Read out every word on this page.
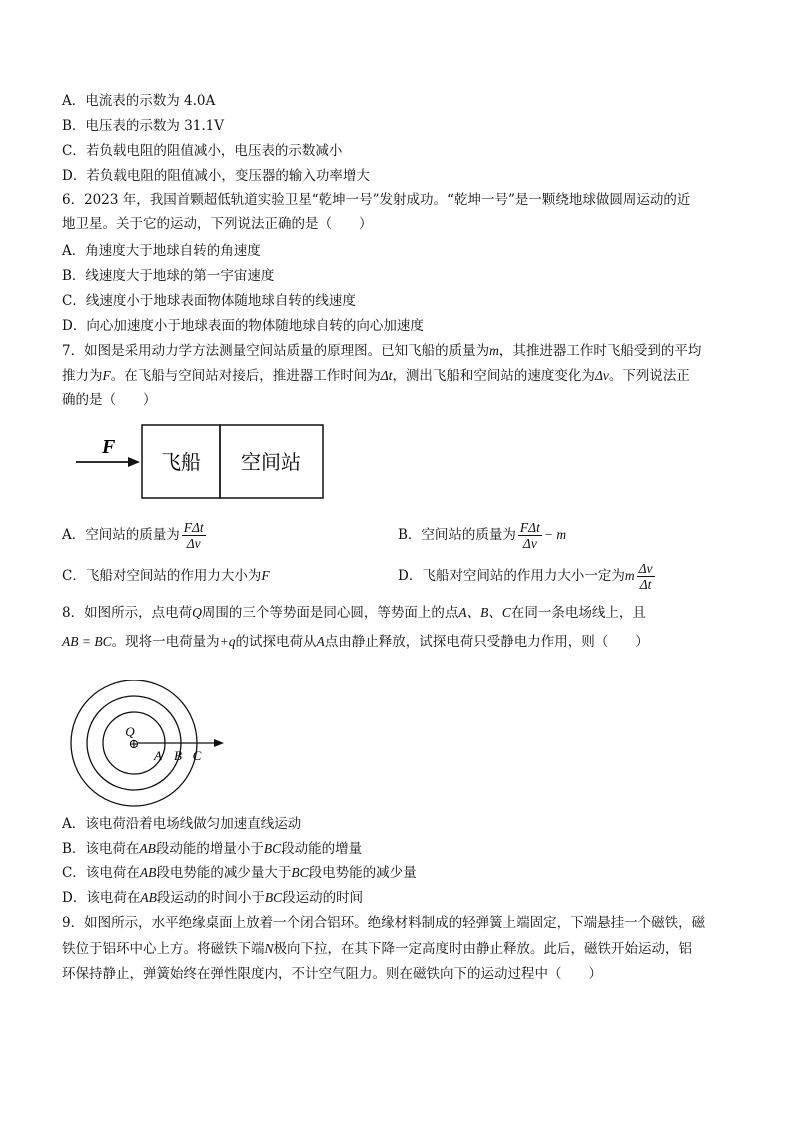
A．电流表的示数为 4.0A
B．电压表的示数为 31.1V
C．若负载电阻的阻值减小，电压表的示数减小
D．若负载电阻的阻值减小，变压器的输入功率增大
6．2023 年，我国首颗超低轨道实验卫星“乾坤一号”发射成功。“乾坤一号”是一颗绕地球做圆周运动的近
地卫星。关于它的运动，下列说法正确的是（　　）
A．角速度大于地球自转的角速度
B．线速度大于地球的第一宇宙速度
C．线速度小于地球表面物体随地球自转的线速度
D．向心加速度小于地球表面的物体随地球自转的向心加速度
7．如图是采用动力学方法测量空间站质量的原理图。已知飞船的质量为m，其推进器工作时飞船受到的平均
推力为F。在飞船与空间站对接后，推进器工作时间为Δt，测出飞船和空间站的速度变化为Δv。下列说法正
确的是（　　）
F
飞船 空间站
A．空间站的质量为 $\frac{\text{FΔt}}{\Delta v}$	B．空间站的质量为 $\frac{\text{FΔt}}{\Delta v} - m$
C．飞船对空间站的作用力大小为F	D．飞船对空间站的作用力大小一定为m $\frac{\Delta v}{\Delta t}$
8．如图所示，点电荷Q周围的三个等势面是同心圆，等势面上的点A、B、C在同一条电场线上，且
AB = BC。现将一电荷量为+q的试探电荷从A点由静止释放，试探电荷只受静电力作用，则（　　）
⊕
Q
A B C
A．该电荷沿着电场线做匀加速直线运动
B．该电荷在AB段动能的增量小于BC段动能的增量
C．该电荷在AB段电势能的减少量大于BC段电势能的减少量
D．该电荷在AB段运动的时间小于BC段运动的时间
9．如图所示，水平绝缘桌面上放着一个闭合铝环。绝缘材料制成的轻弹簧上端固定，下端悬挂一个磁铁，磁
铁位于铝环中心上方。将磁铁下端N极向下拉，在其下降一定高度时由静止释放。此后，磁铁开始运动，铝
环保持静止，弹簧始终在弹性限度内，不计空气阻力。则在磁铁向下的运动过程中（　　）
